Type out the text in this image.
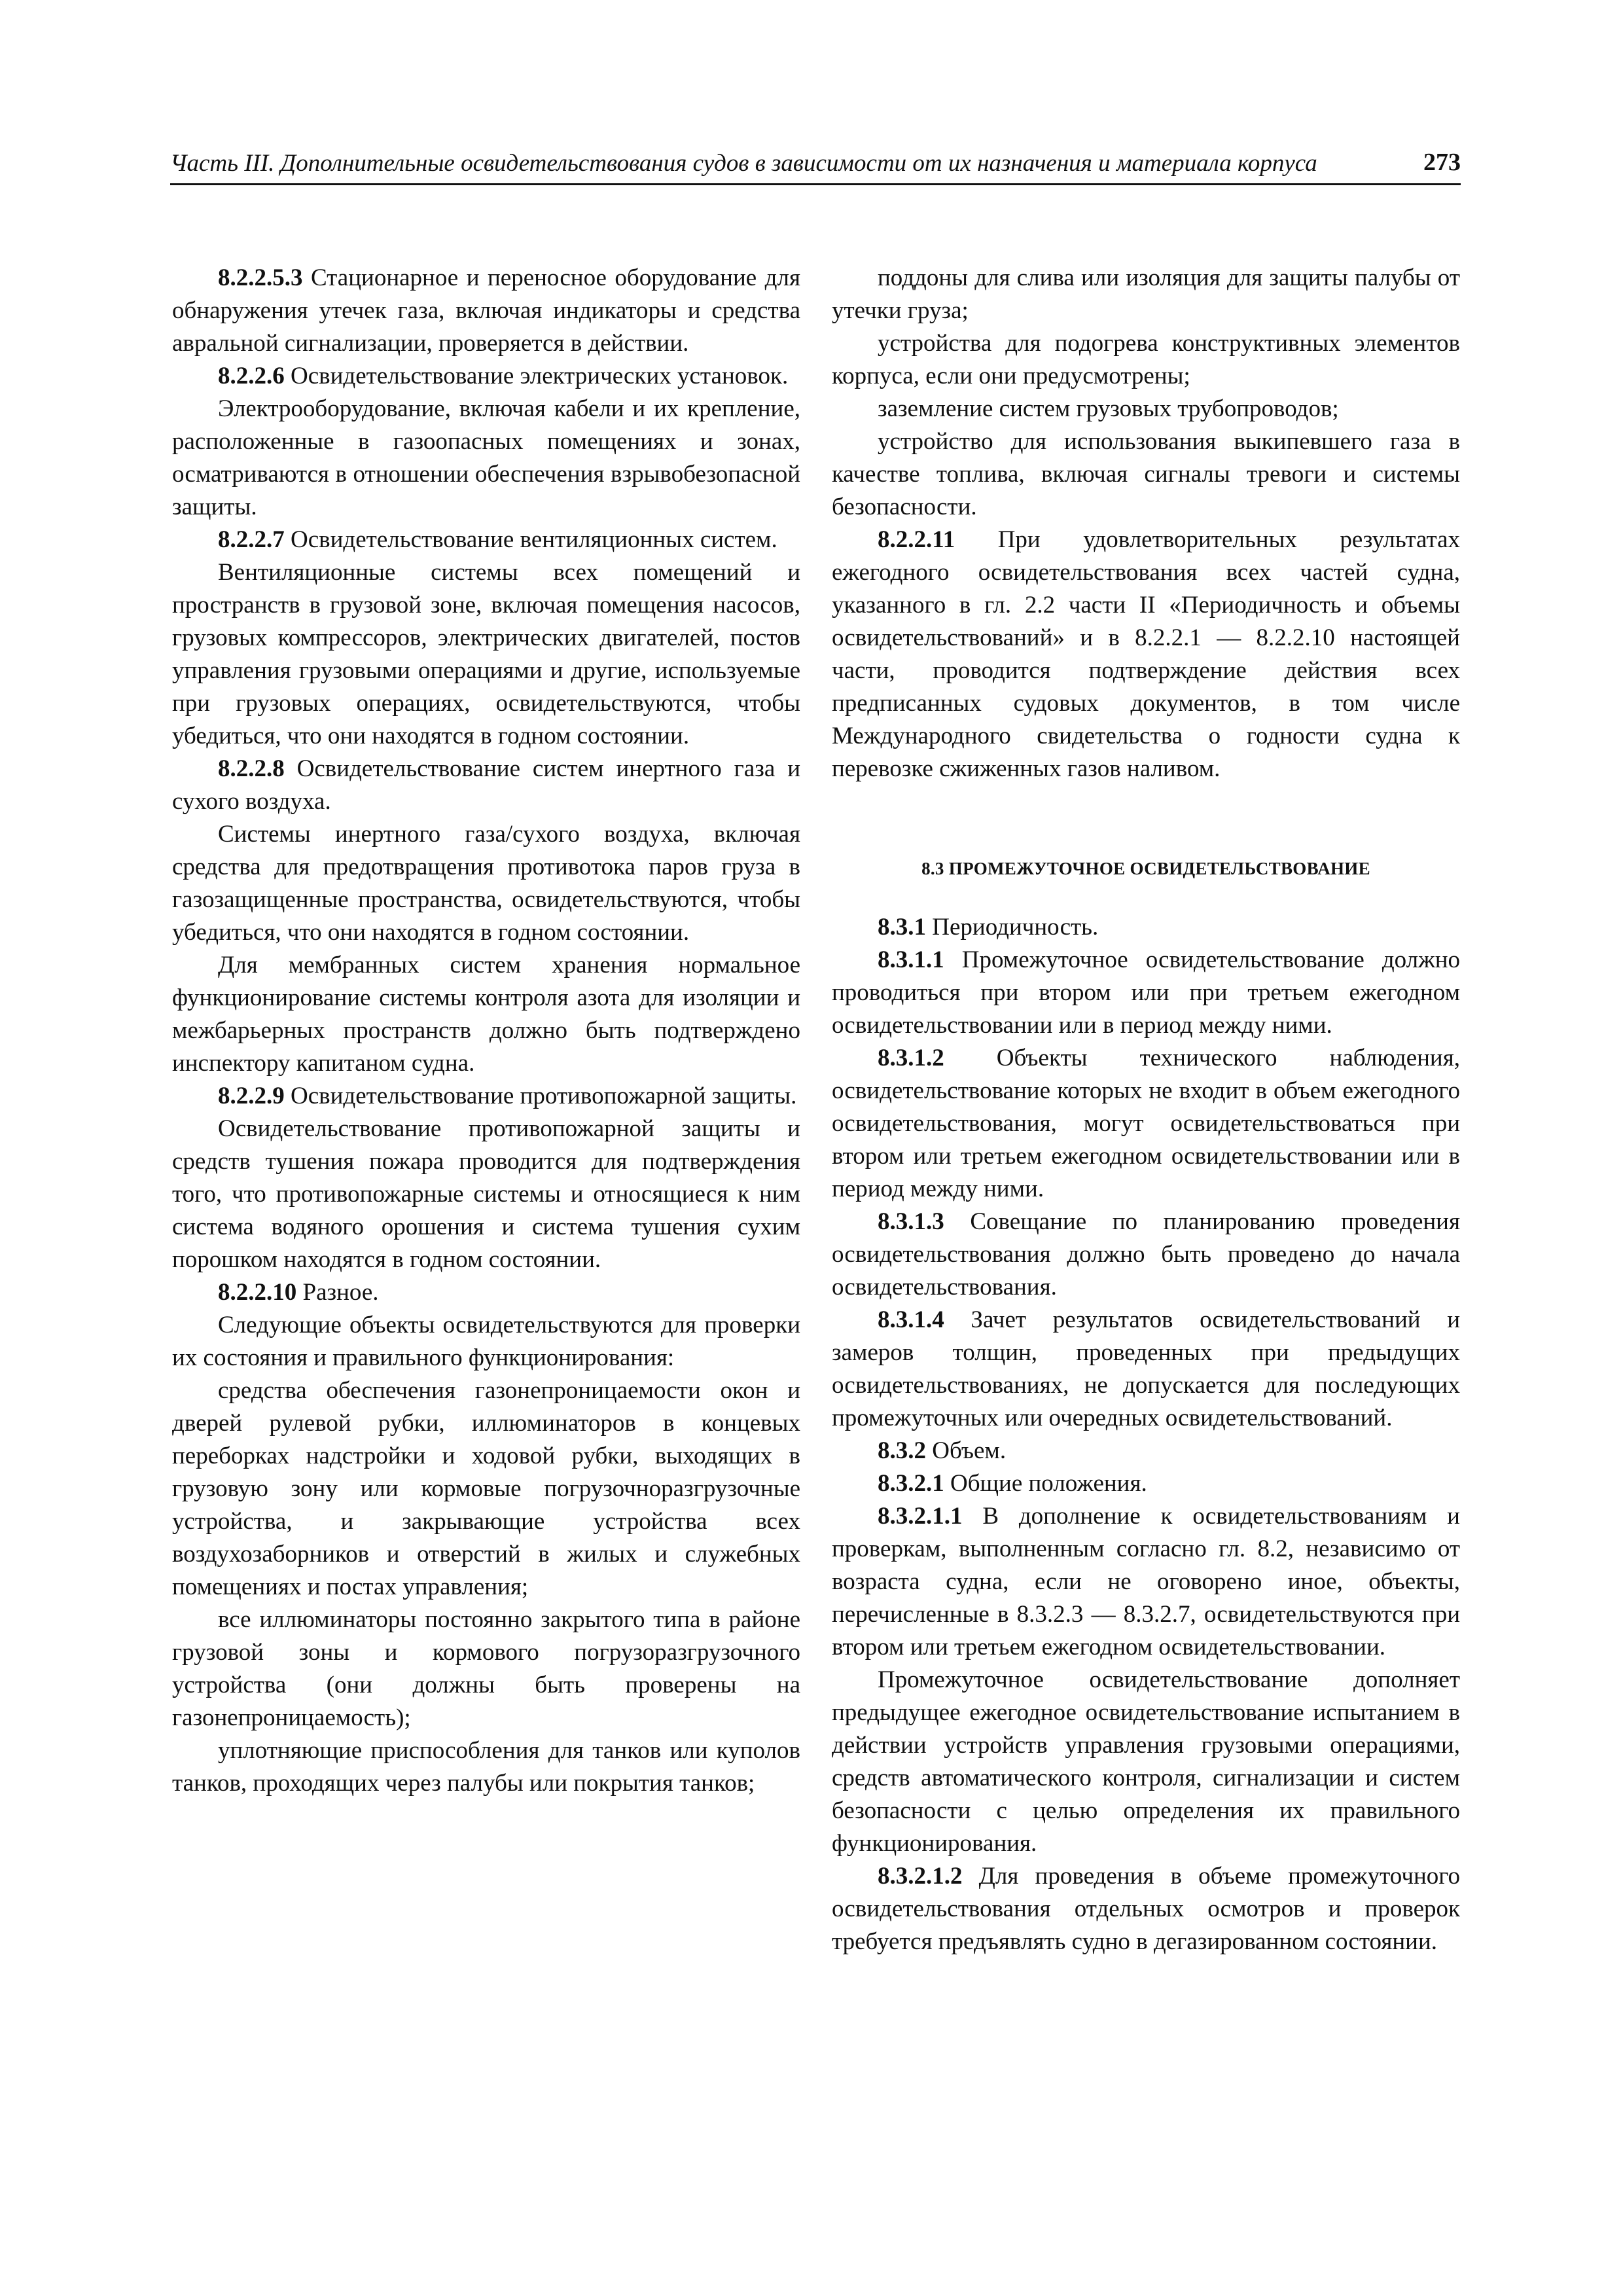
Часть III. Дополнительные освидетельствования судов в зависимости от их назначения и материала корпуса	273

8.2.2.5.3 Стационарное и переносное оборудование для обнаружения утечек газа, включая индикаторы и средства авральной сигнализации, проверяется в действии.

8.2.2.6 Освидетельствование электрических установок.

Электрооборудование, включая кабели и их крепление, расположенные в газоопасных помещениях и зонах, осматриваются в отношении обеспечения взрывобезопасной защиты.

8.2.2.7 Освидетельствование вентиляционных систем.

Вентиляционные системы всех помещений и пространств в грузовой зоне, включая помещения насосов, грузовых компрессоров, электрических двигателей, постов управления грузовыми операциями и другие, используемые при грузовых операциях, освидетельствуются, чтобы убедиться, что они находятся в годном состоянии.

8.2.2.8 Освидетельствование систем инертного газа и сухого воздуха.

Системы инертного газа/сухого воздуха, включая средства для предотвращения противотока паров груза в газозащищенные пространства, освидетельствуются, чтобы убедиться, что они находятся в годном состоянии.

Для мембранных систем хранения нормальное функционирование системы контроля азота для изоляции и межбарьерных пространств должно быть подтверждено инспектору капитаном судна.

8.2.2.9 Освидетельствование противопожарной защиты.

Освидетельствование противопожарной защиты и средств тушения пожара проводится для подтверждения того, что противопожарные системы и относящиеся к ним система водяного орошения и система тушения сухим порошком находятся в годном состоянии.

8.2.2.10 Разное.

Следующие объекты освидетельствуются для проверки их состояния и правильного функционирования:

средства обеспечения газонепроницаемости окон и дверей рулевой рубки, иллюминаторов в концевых переборках надстройки и ходовой рубки, выходящих в грузовую зону или кормовые погрузочноразгрузочные устройства, и закрывающие устройства всех воздухозаборников и отверстий в жилых и служебных помещениях и постах управления;

все иллюминаторы постоянно закрытого типа в районе грузовой зоны и кормового погрузоразгрузочного устройства (они должны быть проверены на газонепроницаемость);

уплотняющие приспособления для танков или куполов танков, проходящих через палубы или покрытия танков;

поддоны для слива или изоляция для защиты палубы от утечки груза;

устройства для подогрева конструктивных элементов корпуса, если они предусмотрены;

заземление систем грузовых трубопроводов;

устройство для использования выкипевшего газа в качестве топлива, включая сигналы тревоги и системы безопасности.

8.2.2.11 При удовлетворительных результатах ежегодного освидетельствования всех частей судна, указанного в гл. 2.2 части II «Периодичность и объемы освидетельствований» и в 8.2.2.1 — 8.2.2.10 настоящей части, проводится подтверждение действия всех предписанных судовых документов, в том числе Международного свидетельства о годности судна к перевозке сжиженных газов наливом.

8.3 ПРОМЕЖУТОЧНОЕ ОСВИДЕТЕЛЬСТВОВАНИЕ

8.3.1 Периодичность.

8.3.1.1 Промежуточное освидетельствование должно проводиться при втором или при третьем ежегодном освидетельствовании или в период между ними.

8.3.1.2 Объекты технического наблюдения, освидетельствование которых не входит в объем ежегодного освидетельствования, могут освидетельствоваться при втором или третьем ежегодном освидетельствовании или в период между ними.

8.3.1.3 Совещание по планированию проведения освидетельствования должно быть проведено до начала освидетельствования.

8.3.1.4 Зачет результатов освидетельствований и замеров толщин, проведенных при предыдущих освидетельствованиях, не допускается для последующих промежуточных или очередных освидетельствований.

8.3.2 Объем.

8.3.2.1 Общие положения.

8.3.2.1.1 В дополнение к освидетельствованиям и проверкам, выполненным согласно гл. 8.2, независимо от возраста судна, если не оговорено иное, объекты, перечисленные в 8.3.2.3 — 8.3.2.7, освидетельствуются при втором или третьем ежегодном освидетельствовании.

Промежуточное освидетельствование дополняет предыдущее ежегодное освидетельствование испытанием в действии устройств управления грузовыми операциями, средств автоматического контроля, сигнализации и систем безопасности с целью определения их правильного функционирования.

8.3.2.1.2 Для проведения в объеме промежуточного освидетельствования отдельных осмотров и проверок требуется предъявлять судно в дегазированном состоянии.
